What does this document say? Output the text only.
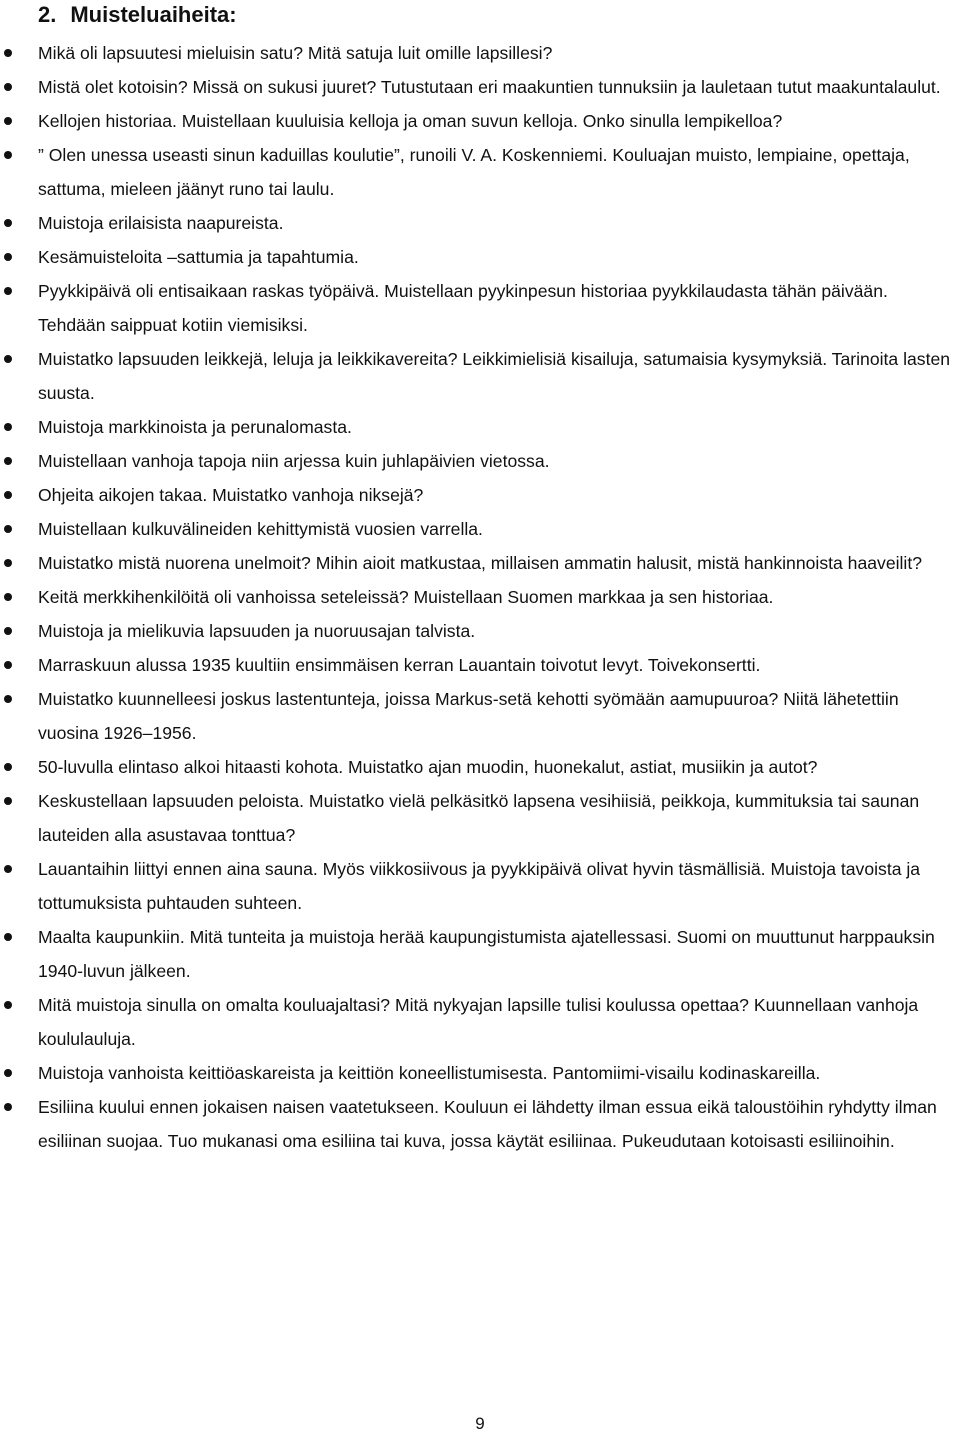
2. Muisteluaiheita:
Mikä oli lapsuutesi mieluisin satu? Mitä satuja luit omille lapsillesi?
Mistä olet kotoisin? Missä on sukusi juuret? Tutustutaan eri maakuntien tunnuksiin ja lauletaan tutut maakuntalaulut.
Kellojen historiaa. Muistellaan kuuluisia kelloja ja oman suvun kelloja. Onko sinulla lempikelloa?
” Olen unessa useasti sinun kaduillas koulutie”, runoili V. A. Koskenniemi. Kouluajan muisto, lempiaine, opettaja, sattuma, mieleen jäänyt runo tai laulu.
Muistoja erilaisista naapureista.
Kesämuisteloita –sattumia ja tapahtumia.
Pyykkipäivä oli entisaikaan raskas työpäivä. Muistellaan pyykinpesun historiaa pyykkilaudasta tähän päivään. Tehdään saippuat kotiin viemisiksi.
Muistatko lapsuuden leikkejä, leluja ja leikkikavereita? Leikkimielisiä kisailuja, satumaisia kysymyksiä. Tarinoita lasten suusta.
Muistoja markkinoista ja perunalomasta.
Muistellaan vanhoja tapoja niin arjessa kuin juhlapäivien vietossa.
Ohjeita aikojen takaa. Muistatko vanhoja niksejä?
Muistellaan kulkuvälineiden kehittymistä vuosien varrella.
Muistatko mistä nuorena unelmoit? Mihin aioit matkustaa, millaisen ammatin halusit, mistä hankinnoista haaveilit?
Keitä merkkihenkilöitä oli vanhoissa seteleissä? Muistellaan Suomen markkaa ja sen historiaa.
Muistoja ja mielikuvia lapsuuden ja nuoruusajan talvista.
Marraskuun alussa 1935 kuultiin ensimmäisen kerran Lauantain toivotut levyt. Toivekonsertti.
Muistatko kuunnelleesi joskus lastentunteja, joissa Markus-setä kehotti syömään aamupuuroa? Niitä lähetettiin vuosina 1926–1956.
50-luvulla elintaso alkoi hitaasti kohota. Muistatko ajan muodin, huonekalut, astiat, musiikin ja autot?
Keskustellaan lapsuuden peloista. Muistatko vielä pelkäsitkö lapsena vesihiisiä, peikkoja, kummituksia tai saunan lauteiden alla asustavaa tonttua?
Lauantaihin liittyi ennen aina sauna. Myös viikkosiivous ja pyykkipäivä olivat hyvin täsmällisiä. Muistoja tavoista ja tottumuksista puhtauden suhteen.
Maalta kaupunkiin. Mitä tunteita ja muistoja herää kaupungistumista ajatellessasi. Suomi on muuttunut harppauksin 1940-luvun jälkeen.
Mitä muistoja sinulla on omalta kouluajaltasi? Mitä nykyajan lapsille tulisi koulussa opettaa? Kuunnellaan vanhoja koululauluja.
Muistoja vanhoista keittiöaskareista ja keittiön koneellistumisesta. Pantomiimi-visailu kodinaskareilla.
Esiliina kuului ennen jokaisen naisen vaatetukseen. Kouluun ei lähdetty ilman essua eikä taloustöihin ryhdytty ilman esiliinan suojaa. Tuo mukanasi oma esiliina tai kuva, jossa käytät esiliinaa. Pukeudutaan kotoisasti esiliinoihin.
9
